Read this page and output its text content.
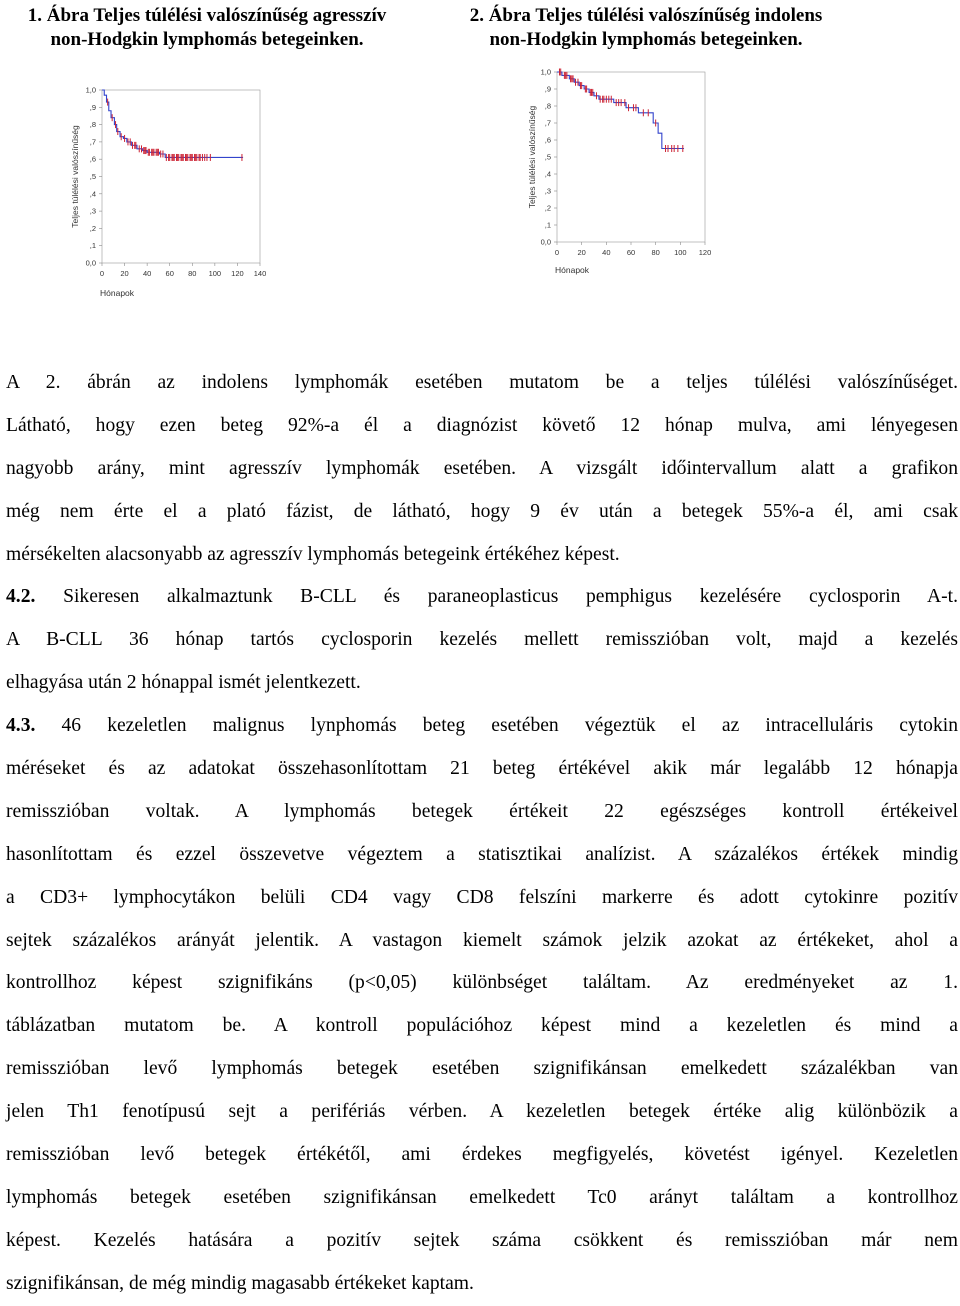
1. Ábra Teljes túlélési valószínűség agresszív
non-Hodgkin lymphomás betegeinken.
2. Ábra Teljes túlélési valószínűség indolens
non-Hodgkin lymphomás betegeinken.
0,0
,1
,2
,3
,4
,5
,6
,7
,8
,9
1,0
0 20 40 60 80 100 120 140
Teljes túlélési valószínűség
Hónapok
0,0
,1
,2
,3
,4
,5
,6
,7
,8
,9
1,0
0 20 40 60 80 100 120
Teljes túlélési valószínűség
Hónapok
A 2. ábrán az indolens lymphomák esetében mutatom be a teljes túlélési valószínűséget.
Látható, hogy ezen beteg 92%-a él a diagnózist követő 12 hónap mulva, ami lényegesen
nagyobb arány, mint agresszív lymphomák esetében. A vizsgált időintervallum alatt a grafikon
még nem érte el a plató fázist, de látható, hogy 9 év után a betegek 55%-a él, ami csak
mérsékelten alacsonyabb az agresszív lymphomás betegeink értékéhez képest.
4.2. Sikeresen alkalmaztunk B-CLL és paraneoplasticus pemphigus kezelésére cyclosporin A-t.
A B-CLL 36 hónap tartós cyclosporin kezelés mellett remisszióban volt, majd a kezelés
elhagyása után 2 hónappal ismét jelentkezett.
4.3. 46 kezeletlen malignus lynphomás beteg esetében végeztük el az intracelluláris cytokin
méréseket és az adatokat összehasonlítottam 21 beteg értékével akik már legalább 12 hónapja
remisszióban voltak. A lymphomás betegek értékeit 22 egészséges kontroll értékeivel
hasonlítottam és ezzel összevetve végeztem a statisztikai analízist. A százalékos értékek mindig
a CD3+ lymphocytákon belüli CD4 vagy CD8 felszíni markerre és adott cytokinre pozitív
sejtek százalékos arányát jelentik. A vastagon kiemelt számok jelzik azokat az értékeket, ahol a
kontrollhoz képest szignifikáns (p<0,05) különbséget találtam. Az eredményeket az 1.
táblázatban mutatom be. A kontroll populációhoz képest mind a kezeletlen és mind a
remisszióban levő lymphomás betegek esetében szignifikánsan emelkedett százalékban van
jelen Th1 fenotípusú sejt a perifériás vérben. A kezeletlen betegek értéke alig különbözik a
remisszióban levő betegek értékétől, ami érdekes megfigyelés, követést igényel. Kezeletlen
lymphomás betegek esetében szignifikánsan emelkedett Tc0 arányt találtam a kontrollhoz
képest. Kezelés hatására a pozitív sejtek száma csökkent és remisszióban már nem
szignifikánsan, de még mindig magasabb értékeket kaptam.
